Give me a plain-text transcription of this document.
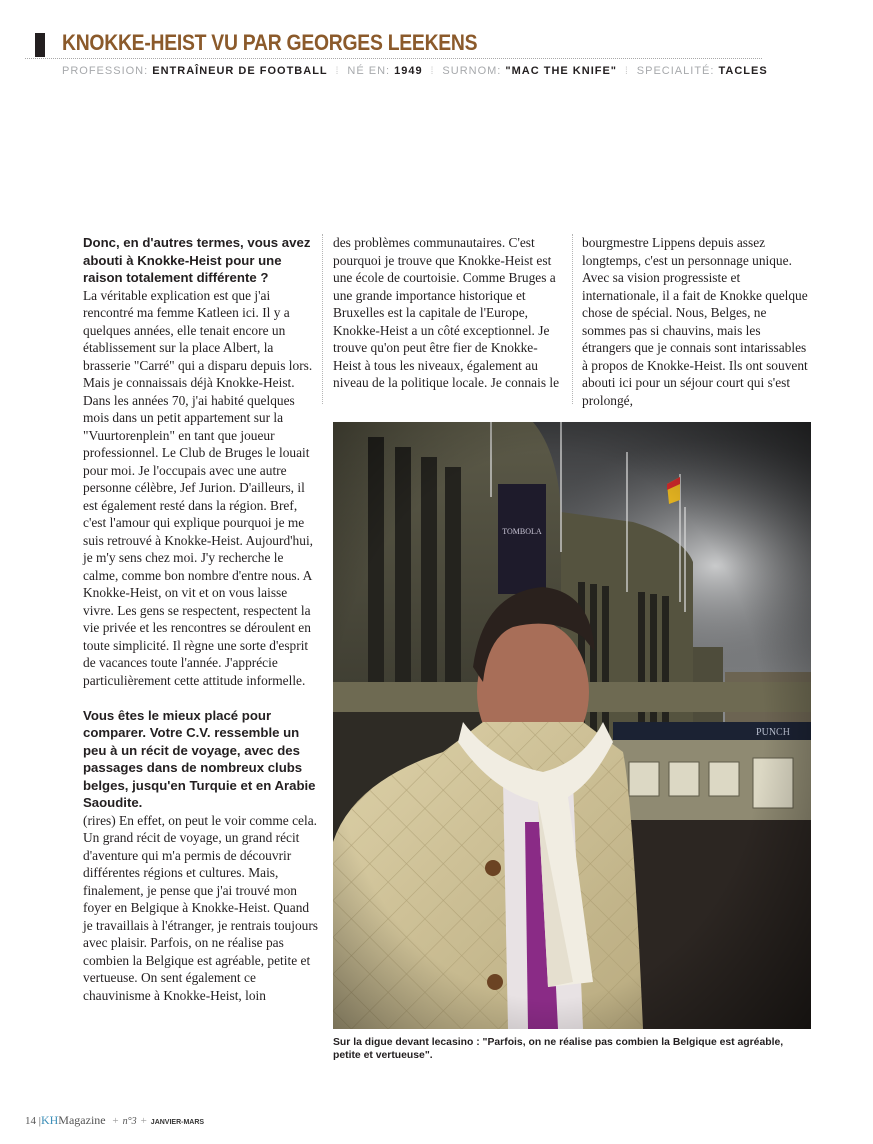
KNOKKE-HEIST VU PAR GEORGES LEEKENS
PROFESSION: ENTRAÎNEUR DE FOOTBALL ⁞ NÉ EN: 1949 ⁞ SURNOM: "MAC THE KNIFE" ⁞ SPECIALITÉ: TACLES

Donc, en d'autres termes, vous avez abouti à Knokke-Heist pour une raison totalement différente ?

La véritable explication est que j'ai rencontré ma femme Katleen ici. Il y a quelques années, elle tenait encore un établissement sur la place Albert, la brasserie "Carré" qui a disparu depuis lors. Mais je connaissais déjà Knokke-Heist. Dans les années 70, j'ai habité quelques mois dans un petit appartement sur la "Vuurtorenplein" en tant que joueur professionnel. Le Club de Bruges le louait pour moi. Je l'occupais avec une autre personne célèbre, Jef Jurion. D'ailleurs, il est également resté dans la région. Bref, c'est l'amour qui explique pourquoi je me suis retrouvé à Knokke-Heist. Aujourd'hui, je m'y sens chez moi. J'y recherche le calme, comme bon nombre d'entre nous. A Knokke-Heist, on vit et on vous laisse vivre. Les gens se respectent, respectent la vie privée et les rencontres se déroulent en toute simplicité. Il règne une sorte d'esprit de vacances toute l'année. J'apprécie particulièrement cette attitude informelle.

Vous êtes le mieux placé pour comparer. Votre C.V. ressemble un peu à un récit de voyage, avec des passages dans de nombreux clubs belges, jusqu'en Turquie et en Arabie Saoudite.

(rires) En effet, on peut le voir comme cela. Un grand récit de voyage, un grand récit d'aventure qui m'a permis de découvrir différentes régions et cultures. Mais, finalement, je pense que j'ai trouvé mon foyer en Belgique à Knokke-Heist. Quand je travaillais à l'étranger, je rentrais toujours avec plaisir. Parfois, on ne réalise pas combien la Belgique est agréable, petite et vertueuse. On sent également ce chauvinisme à Knokke-Heist, loin

des problèmes communautaires. C'est pourquoi je trouve que Knokke-Heist est une école de courtoisie. Comme Bruges a une grande importance historique et Bruxelles est la capitale de l'Europe, Knokke-Heist a un côté exceptionnel. Je trouve qu'on peut être fier de Knokke-Heist à tous les niveaux, également au niveau de la politique locale. Je connais le

bourgmestre Lippens depuis assez longtemps, c'est un personnage unique. Avec sa vision progressiste et internationale, il a fait de Knokke quelque chose de spécial. Nous, Belges, ne sommes pas si chauvins, mais les étrangers que je connais sont intarissables à propos de Knokke-Heist. Ils ont souvent abouti ici pour un séjour court qui s'est prolongé,

Sur la digue devant lecasino : "Parfois, on ne réalise pas combien la Belgique est agréable, petite et vertueuse".
14 |KHMagazine + n°3 + JANVIER-MARS
